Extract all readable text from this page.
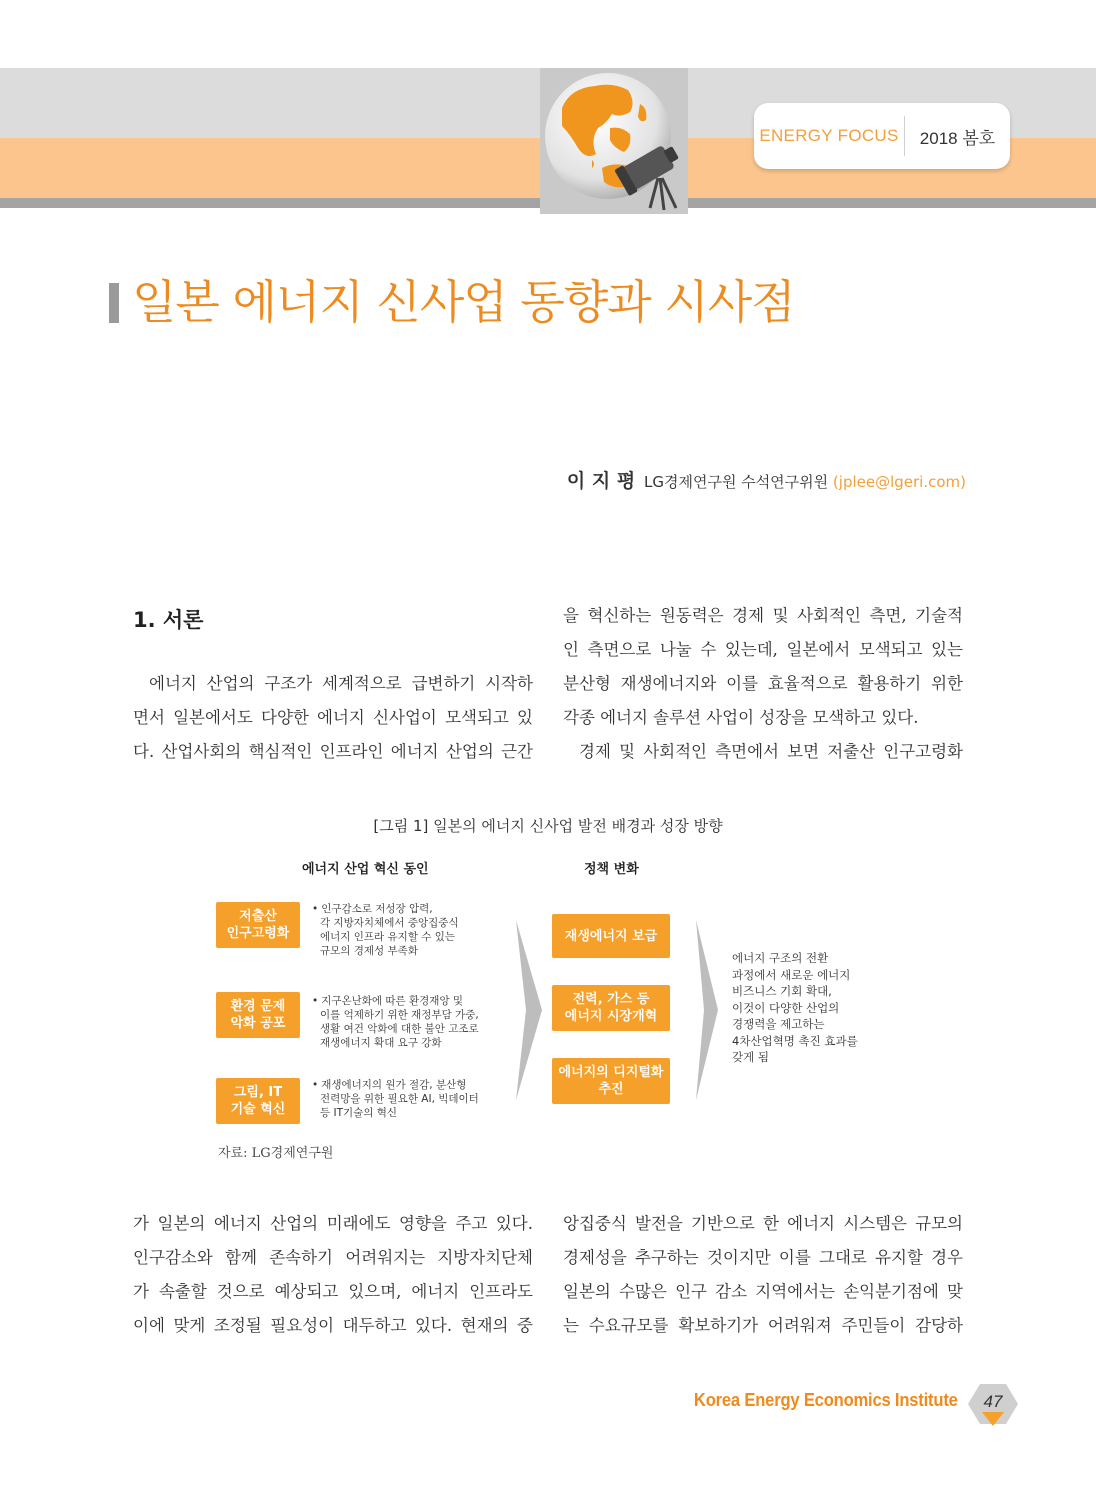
ENERGY FOCUS	2018 봄호
일본 에너지 신사업 동향과 시사점
이 지 평 LG경제연구원 수석연구위원 (jplee@lgeri.com)
1. 서론
에너지 산업의 구조가 세계적으로 급변하기 시작하
면서 일본에서도 다양한 에너지 신사업이 모색되고 있
다. 산업사회의 핵심적인 인프라인 에너지 산업의 근간
을 혁신하는 원동력은 경제 및 사회적인 측면, 기술적
인 측면으로 나눌 수 있는데, 일본에서 모색되고 있는
분산형 재생에너지와 이를 효율적으로 활용하기 위한
각종 에너지 솔루션 사업이 성장을 모색하고 있다.
경제 및 사회적인 측면에서 보면 저출산 인구고령화
[그림 1] 일본의 에너지 신사업 발전 배경과 성장 방향
에너지 산업 혁신 동인	정책 변화
저출산
인구고령화
• 인구감소로 저성장 압력,
각 지방자치체에서 중앙집중식
에너지 인프라 유지할 수 있는
규모의 경제성 부족화
환경 문제
악화 공포
• 지구온난화에 따른 환경재앙 및
이를 억제하기 위한 재정부담 가중,
생활 여건 악화에 대한 불안 고조로
재생에너지 확대 요구 강화
그림, IT
기술 혁신
• 재생에너지의 원가 절감, 분산형
전력망을 위한 필요한 AI, 빅데이터
등 IT기술의 혁신
재생에너지 보급
전력, 가스 등
에너지 시장개혁
에너지의 디지털화
추진
에너지 구조의 전환
과정에서 새로운 에너지
비즈니스 기회 확대,
이것이 다양한 산업의
경쟁력을 제고하는
4차산업혁명 촉진 효과를
갖게 됨
자료: LG경제연구원
가 일본의 에너지 산업의 미래에도 영향을 주고 있다.
인구감소와 함께 존속하기 어려워지는 지방자치단체
가 속출할 것으로 예상되고 있으며, 에너지 인프라도
이에 맞게 조정될 필요성이 대두하고 있다. 현재의 중
앙집중식 발전을 기반으로 한 에너지 시스템은 규모의
경제성을 추구하는 것이지만 이를 그대로 유지할 경우
일본의 수많은 인구 감소 지역에서는 손익분기점에 맞
는 수요규모를 확보하기가 어려워져 주민들이 감당하
Korea Energy Economics Institute	47
